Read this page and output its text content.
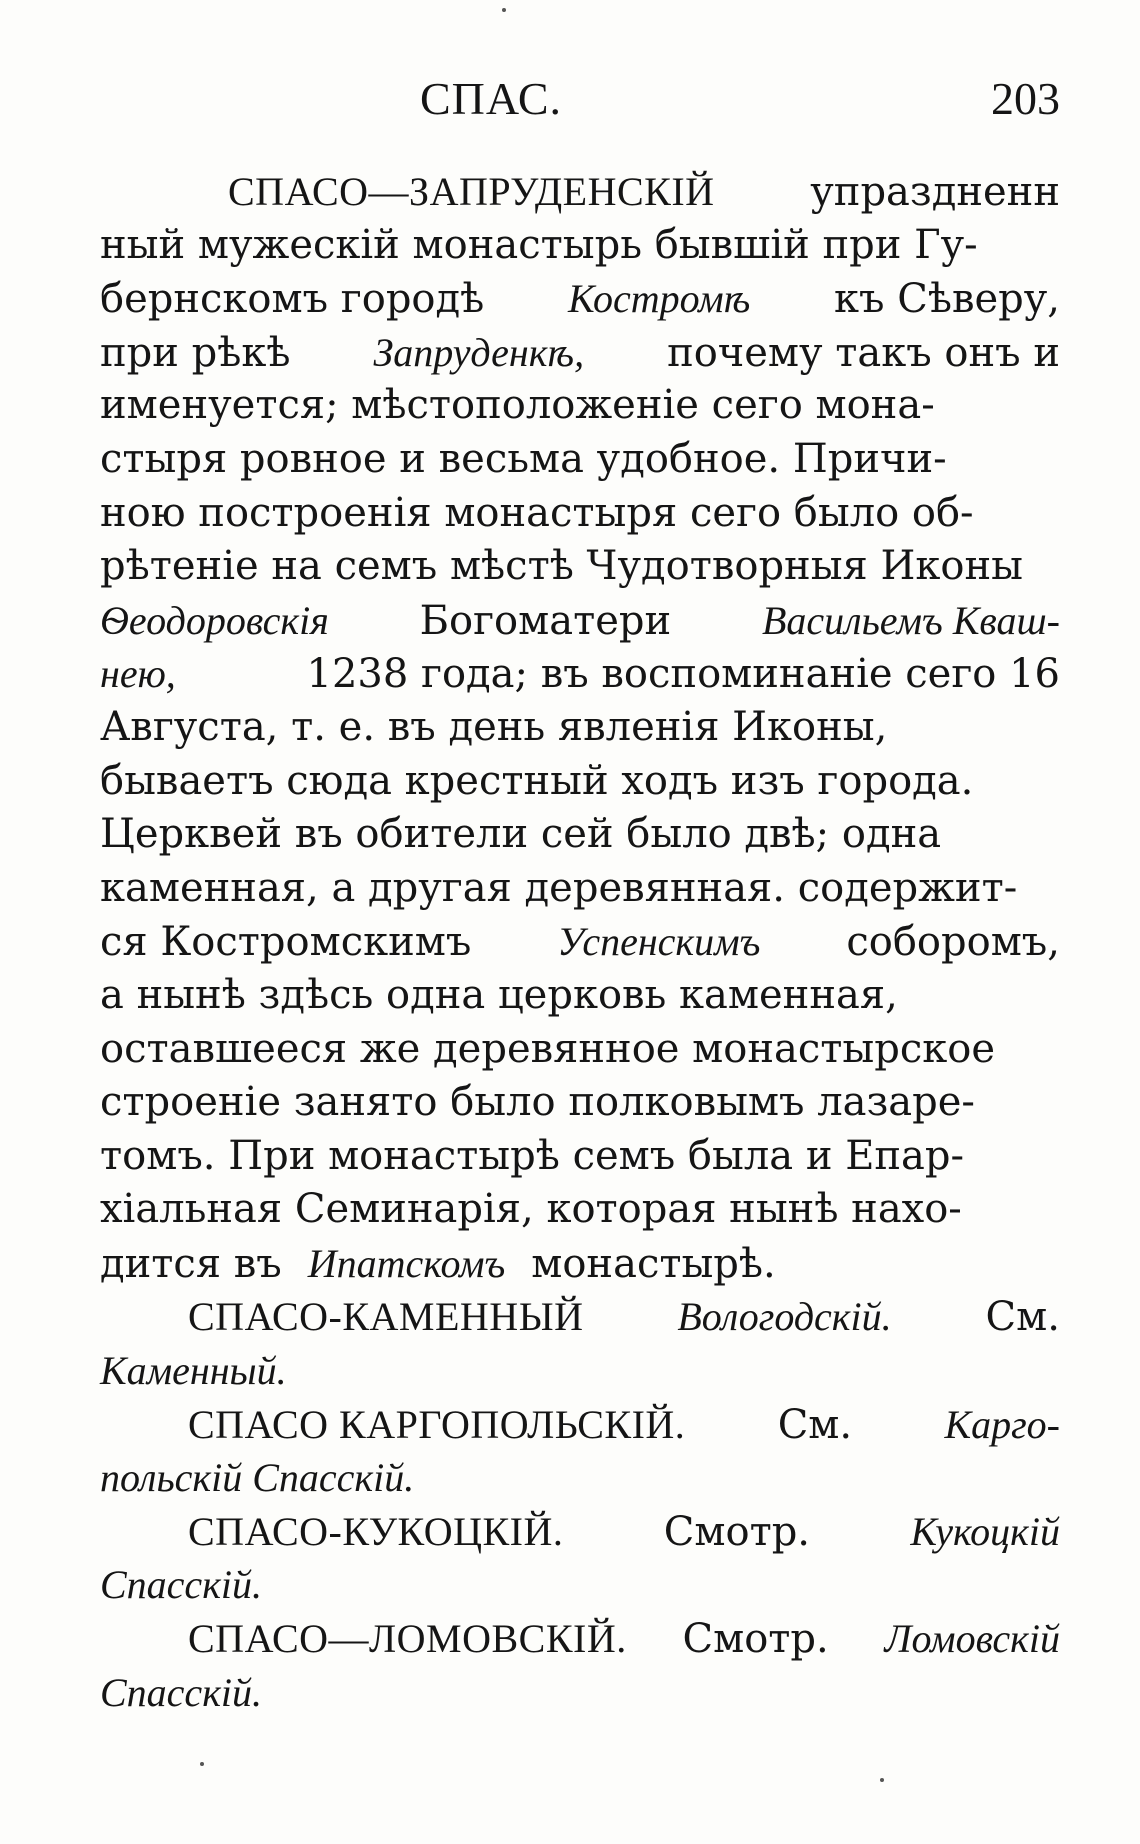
СПАС.	203
СПАСО—ЗАПРУДЕНСКІЙ упраздненн
ный мужескій монастырь бывшій при Гу-
бернскомъ городѣ Костромѣ къ Сѣверу,
при рѣкѣ Запруденкѣ, почему такъ онъ и
именуется; мѣстоположеніе сего мона-
стыря ровное и весьма удобное. Причи-
ною построенія монастыря сего было об-
рѣтеніе на семъ мѣстѣ Чудотворныя Иконы
Ѳеодоровскія Богоматери Васильемъ Кваш-
нею,	1238 года; въ воспоминаніе сего 16
Августа, т. е. въ день явленія Иконы,
бываетъ сюда крестный ходъ изъ города.
Церквей въ обители сей было двѣ; одна
каменная, а другая деревянная. содержит-
ся Костромскимъ Успенскимъ соборомъ,
а нынѣ здѣсь одна церковь каменная,
оставшееся же деревянное монастырское
строеніе занято было полковымъ лазаре-
томъ. При монастырѣ семъ была и Епар-
хіальная Семинарія, которая нынѣ нахо-
дится въ Ипатскомъ монастырѣ.
СПАСО-КАМЕННЫЙ Вологодскій. См.
Каменный.
СПАСО КАРГОПОЛЬСКІЙ. См. Карго-
польскій Спасскій.
СПАСО-КУКОЦКІЙ.	Смотр.	Кукоцкій
Спасскій.
СПАСО—ЛОМОВСКІЙ. Смотр. Ломовскій
Спасскій.
